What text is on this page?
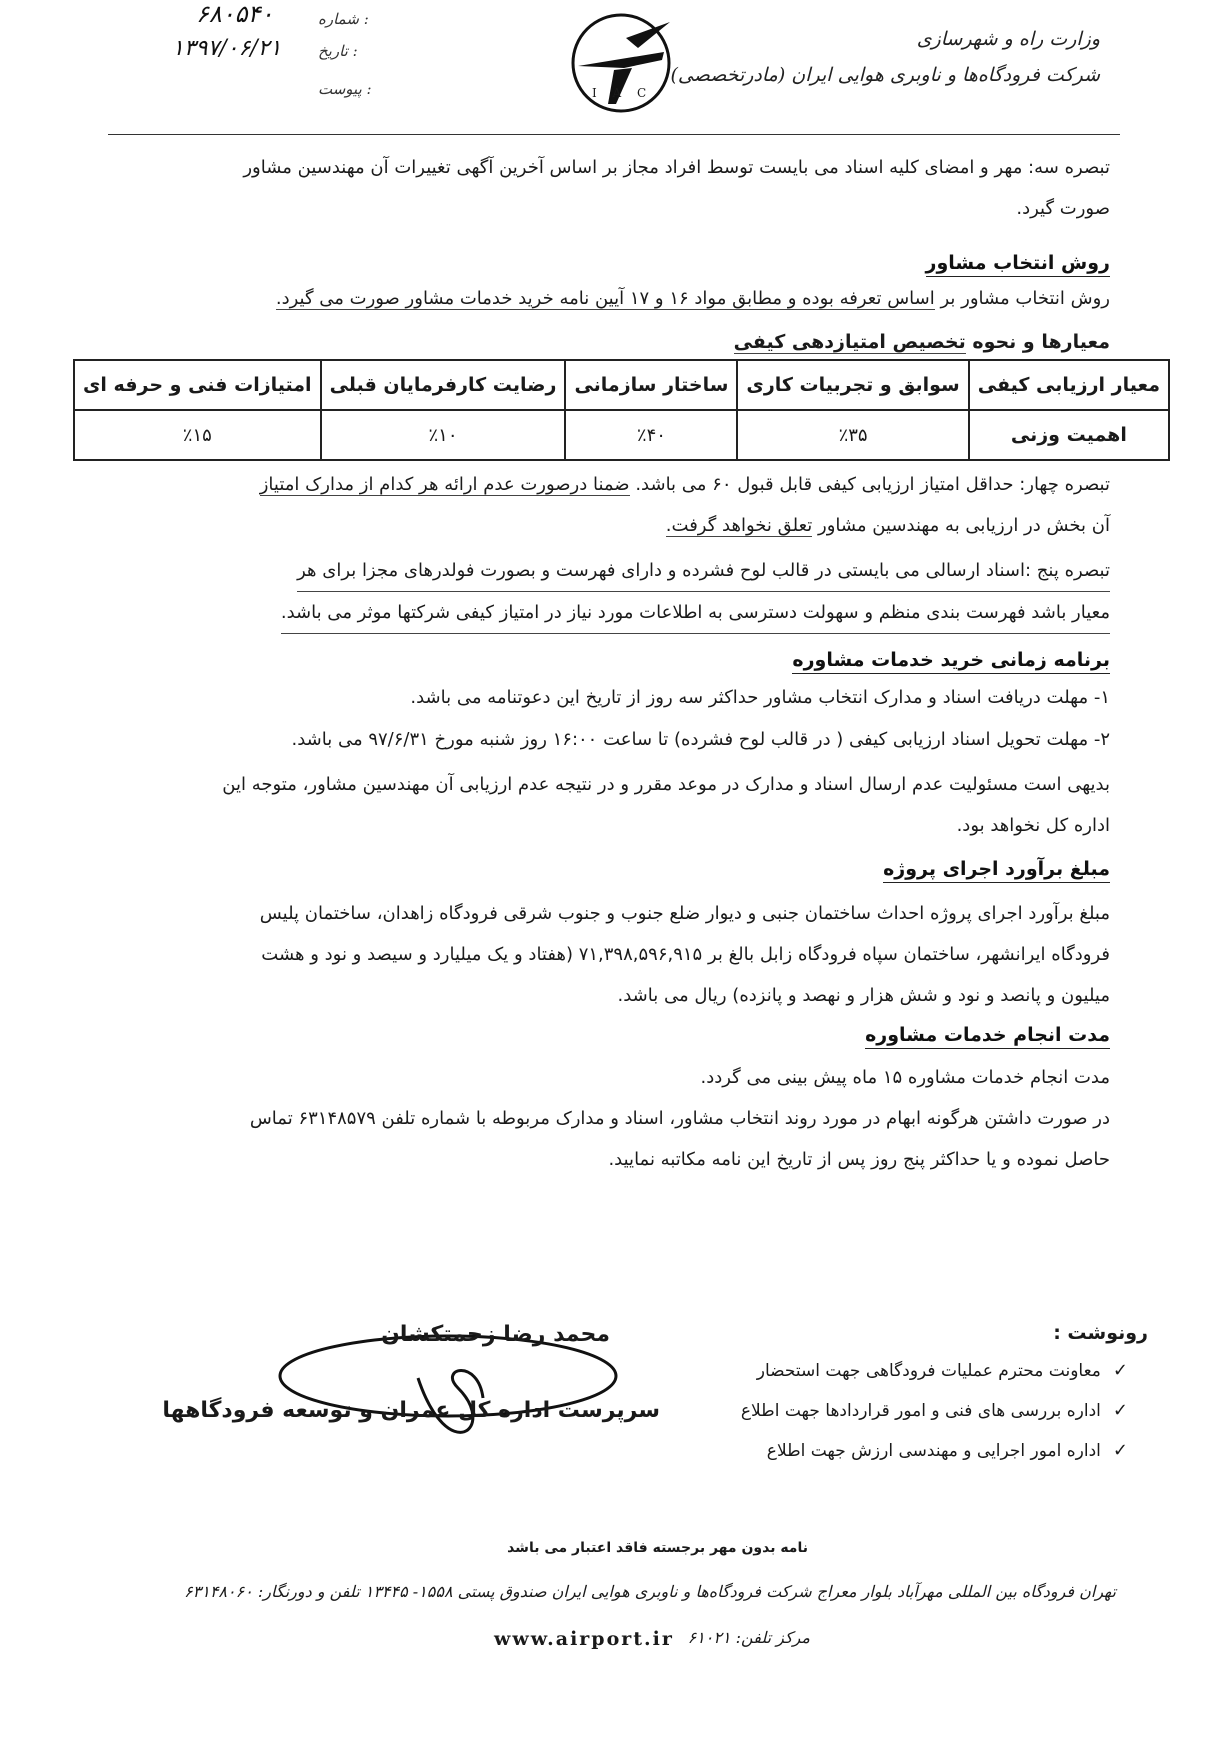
وزارت راه و شهرسازی
شرکت فرودگاه‌ها و ناوبری هوایی ایران (مادرتخصصی)
I A C
شماره :
۶۸۰۵۴۰
تاریخ :
۱۳۹۷/۰۶/۲۱
پیوست :
تبصره سه: مهر و امضای کلیه اسناد می بایست توسط افراد مجاز بر اساس آخرین آگهی تغییرات آن مهندسین مشاور
صورت گیرد.
روش انتخاب مشاور
روش انتخاب مشاور بر اساس تعرفه بوده و مطابق مواد ۱۶ و ۱۷ آیین نامه خرید خدمات مشاور صورت می گیرد.
معیارها و نحوه تخصیص امتیازدهی کیفی
معیار ارزیابی کیفی	سوابق و تجربیات کاری	ساختار سازمانی	رضایت کارفرمایان قبلی	امتیازات فنی و حرفه ای
اهمیت وزنی	٪۳۵	٪۴۰	٪۱۰	٪۱۵
تبصره چهار: حداقل امتیاز ارزیابی کیفی قابل قبول ۶۰ می باشد. ضمنا درصورت عدم ارائه هر کدام از مدارک امتیاز
آن بخش در ارزیابی به مهندسین مشاور تعلق نخواهد گرفت.
تبصره پنج :اسناد ارسالی می بایستی در قالب لوح فشرده و دارای فهرست و بصورت فولدرهای مجزا برای هر معیار باشد فهرست بندی منظم و سهولت دسترسی به اطلاعات مورد نیاز در امتیاز کیفی شرکتها موثر می باشد.
برنامه زمانی خرید خدمات مشاوره
۱- مهلت دریافت اسناد و مدارک انتخاب مشاور حداکثر سه روز از تاریخ این دعوتنامه می باشد.
۲- مهلت تحویل اسناد ارزیابی کیفی ( در قالب لوح فشرده) تا ساعت ۱۶:۰۰ روز شنبه مورخ ۹۷/۶/۳۱ می باشد.
بدیهی است مسئولیت عدم ارسال اسناد و مدارک در موعد مقرر و در نتیجه عدم ارزیابی آن مهندسین مشاور، متوجه این
اداره کل نخواهد بود.
مبلغ برآورد اجرای پروژه
مبلغ برآورد اجرای پروژه احداث ساختمان جنبی و دیوار ضلع جنوب و جنوب شرقی فرودگاه زاهدان، ساختمان پلیس
فرودگاه ایرانشهر، ساختمان سپاه فرودگاه زابل بالغ بر ۷۱,۳۹۸,۵۹۶,۹۱۵ (هفتاد و یک میلیارد و سیصد و نود و هشت
میلیون و پانصد و نود و شش هزار و نهصد و پانزده) ریال می باشد.
مدت انجام خدمات مشاوره
مدت انجام خدمات مشاوره ۱۵ ماه پیش بینی می گردد.
در صورت داشتن هرگونه ابهام در مورد روند انتخاب مشاور، اسناد و مدارک مربوطه با شماره تلفن ۶۳۱۴۸۵۷۹ تماس
حاصل نموده و یا حداکثر پنج روز پس از تاریخ این نامه مکاتبه نمایید.
رونوشت :
✓معاونت محترم عملیات فرودگاهی جهت استحضار
✓اداره بررسی های فنی و امور قراردادها جهت اطلاع
✓اداره امور اجرایی و مهندسی ارزش جهت اطلاع
محمد رضا زحمتکشان
سرپرست اداره کل عمران و توسعه فرودگاهها
نامه بدون مهر برجسته فاقد اعتبار می باشد
تهران فرودگاه بین المللی مهرآباد بلوار معراج شرکت فرودگاه‌ها و ناوبری هوایی ایران صندوق پستی ۱۵۵۸- ۱۳۴۴۵ تلفن و دورنگار: ۶۳۱۴۸۰۶۰
مرکز تلفن: ۶۱۰۲۱
www.airport.ir
